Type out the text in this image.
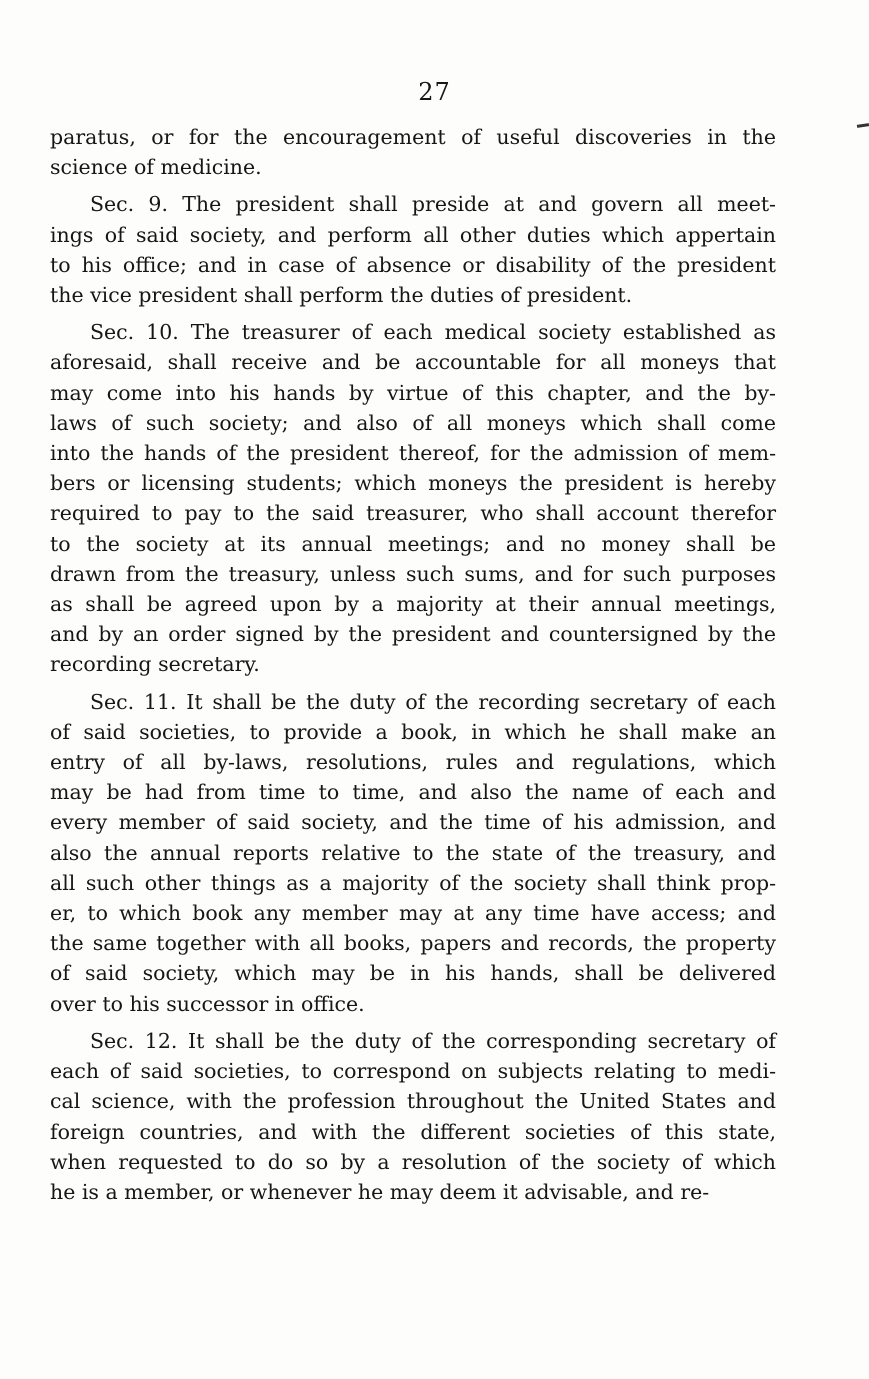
27
paratus, or for the encouragement of useful discoveries in the
science of medicine.
Sec. 9. The president shall preside at and govern all meet-
ings of said society, and perform all other duties which appertain
to his office; and in case of absence or disability of the president
the vice president shall perform the duties of president.
Sec. 10. The treasurer of each medical society established as
aforesaid, shall receive and be accountable for all moneys that
may come into his hands by virtue of this chapter, and the by-
laws of such society; and also of all moneys which shall come
into the hands of the president thereof, for the admission of mem-
bers or licensing students; which moneys the president is hereby
required to pay to the said treasurer, who shall account therefor
to the society at its annual meetings; and no money shall be
drawn from the treasury, unless such sums, and for such purposes
as shall be agreed upon by a majority at their annual meetings,
and by an order signed by the president and countersigned by the
recording secretary.
Sec. 11. It shall be the duty of the recording secretary of each
of said societies, to provide a book, in which he shall make an
entry of all by-laws, resolutions, rules and regulations, which
may be had from time to time, and also the name of each and
every member of said society, and the time of his admission, and
also the annual reports relative to the state of the treasury, and
all such other things as a majority of the society shall think prop-
er, to which book any member may at any time have access; and
the same together with all books, papers and records, the property
of said society, which may be in his hands, shall be delivered
over to his successor in office.
Sec. 12. It shall be the duty of the corresponding secretary of
each of said societies, to correspond on subjects relating to medi-
cal science, with the profession throughout the United States and
foreign countries, and with the different societies of this state,
when requested to do so by a resolution of the society of which
he is a member, or whenever he may deem it advisable, and re-
